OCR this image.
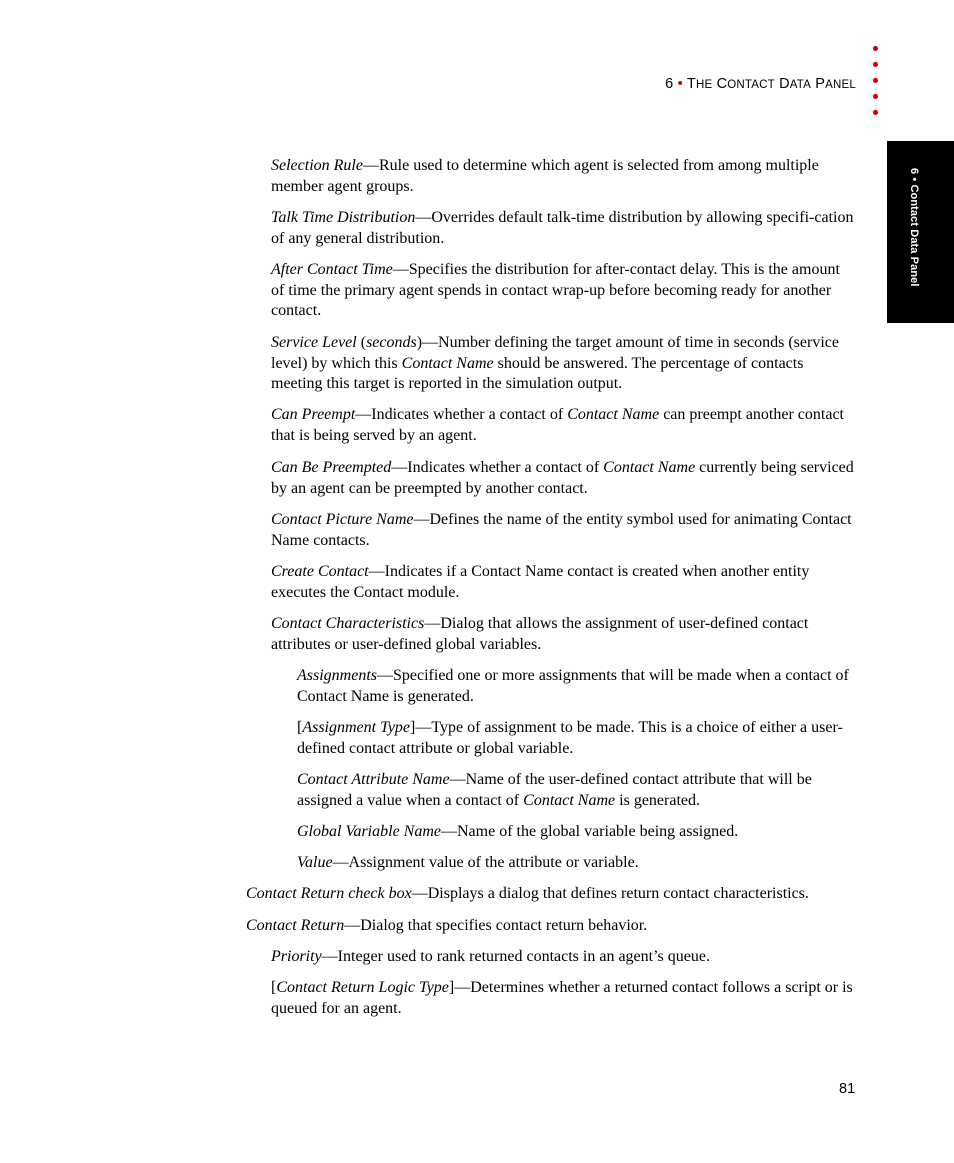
6 • THE CONTACT DATA PANEL
6 • Contact Data Panel

Selection Rule—Rule used to determine which agent is selected from among multiple member agent groups.

Talk Time Distribution—Overrides default talk-time distribution by allowing specifi-cation of any general distribution.

After Contact Time—Specifies the distribution for after-contact delay. This is the amount of time the primary agent spends in contact wrap-up before becoming ready for another contact.

Service Level (seconds)—Number defining the target amount of time in seconds (service level) by which this Contact Name should be answered. The percentage of contacts meeting this target is reported in the simulation output.

Can Preempt—Indicates whether a contact of Contact Name can preempt another contact that is being served by an agent.

Can Be Preempted—Indicates whether a contact of Contact Name currently being serviced by an agent can be preempted by another contact.

Contact Picture Name—Defines the name of the entity symbol used for animating Contact Name contacts.

Create Contact—Indicates if a Contact Name contact is created when another entity executes the Contact module.

Contact Characteristics—Dialog that allows the assignment of user-defined contact attributes or user-defined global variables.

Assignments—Specified one or more assignments that will be made when a contact of Contact Name is generated.

[Assignment Type]—Type of assignment to be made. This is a choice of either a user-defined contact attribute or global variable.

Contact Attribute Name—Name of the user-defined contact attribute that will be assigned a value when a contact of Contact Name is generated.

Global Variable Name—Name of the global variable being assigned.

Value—Assignment value of the attribute or variable.

Contact Return check box—Displays a dialog that defines return contact characteristics.

Contact Return—Dialog that specifies contact return behavior.

Priority—Integer used to rank returned contacts in an agent’s queue.

[Contact Return Logic Type]—Determines whether a returned contact follows a script or is queued for an agent.

81
